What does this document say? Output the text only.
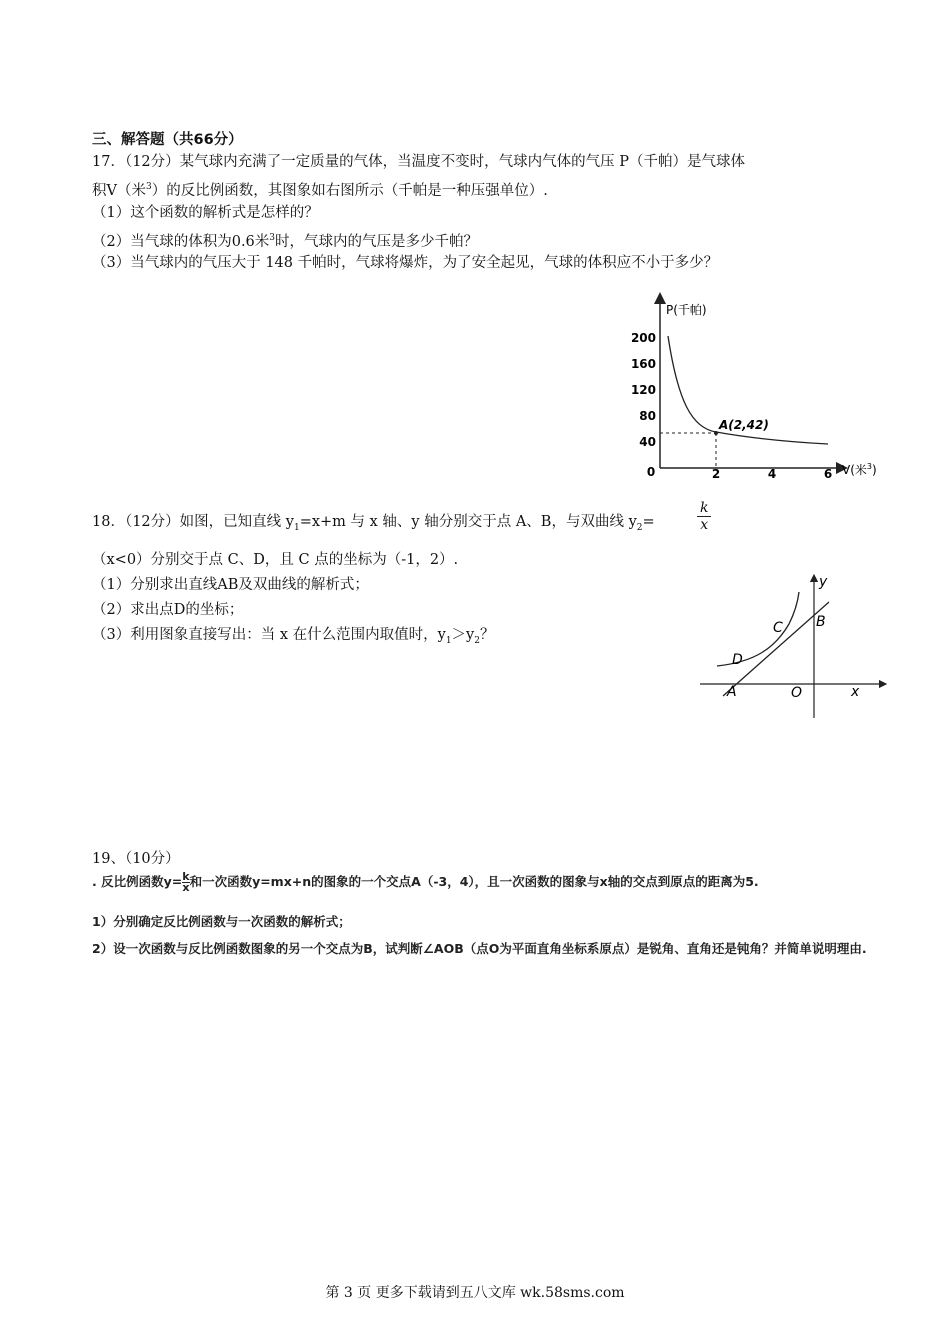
三、解答题（共66分）
17．（12分）某气球内充满了一定质量的气体，当温度不变时，气球内气体的气压 P（千帕）是气球体
积V（米$^3$）的反比例函数，其图象如右图所示（千帕是一种压强单位）.
（1）这个函数的解析式是怎样的？
（2）当气球的体积为0.6米$^3$时，气球内的气压是多少千帕？
（3）当气球内的气压大于 148 千帕时，气球将爆炸，为了安全起见，气球的体积应不小于多少？
P(千帕)
V(米$^3$)
200
160
120
80
40
0	2	4	6
A(2,42)
18．（12分）如图，已知直线 $y_1=x+m$ 与 x 轴、y 轴分别交于点 A、B，与双曲线 $y_2=$	$\frac{k}{x}$
（x<0）分别交于点 C、D，且 C 点的坐标为（-1，2）.
（1）分别求出直线AB及双曲线的解析式；
（2）求出点D的坐标；
（3）利用图象直接写出：当 x 在什么范围内取值时，$y_1>y_2$？
y
x
C B
D
A	O
19、（10分）
. 反比例函数$y= \frac{k}{x}$和一次函数y=mx+n的图象的一个交点A（-3，4），且一次函数的图象与x轴的交点到原点的距离为5.
1）分别确定反比例函数与一次函数的解析式；
2）设一次函数与反比例函数图象的另一个交点为B，试判断∠AOB（点O为平面直角坐标系原点）是锐角、直角还是钝角？并简单说明理由.
第 3 页 更多下载请到五八文库 wk.58sms.com
